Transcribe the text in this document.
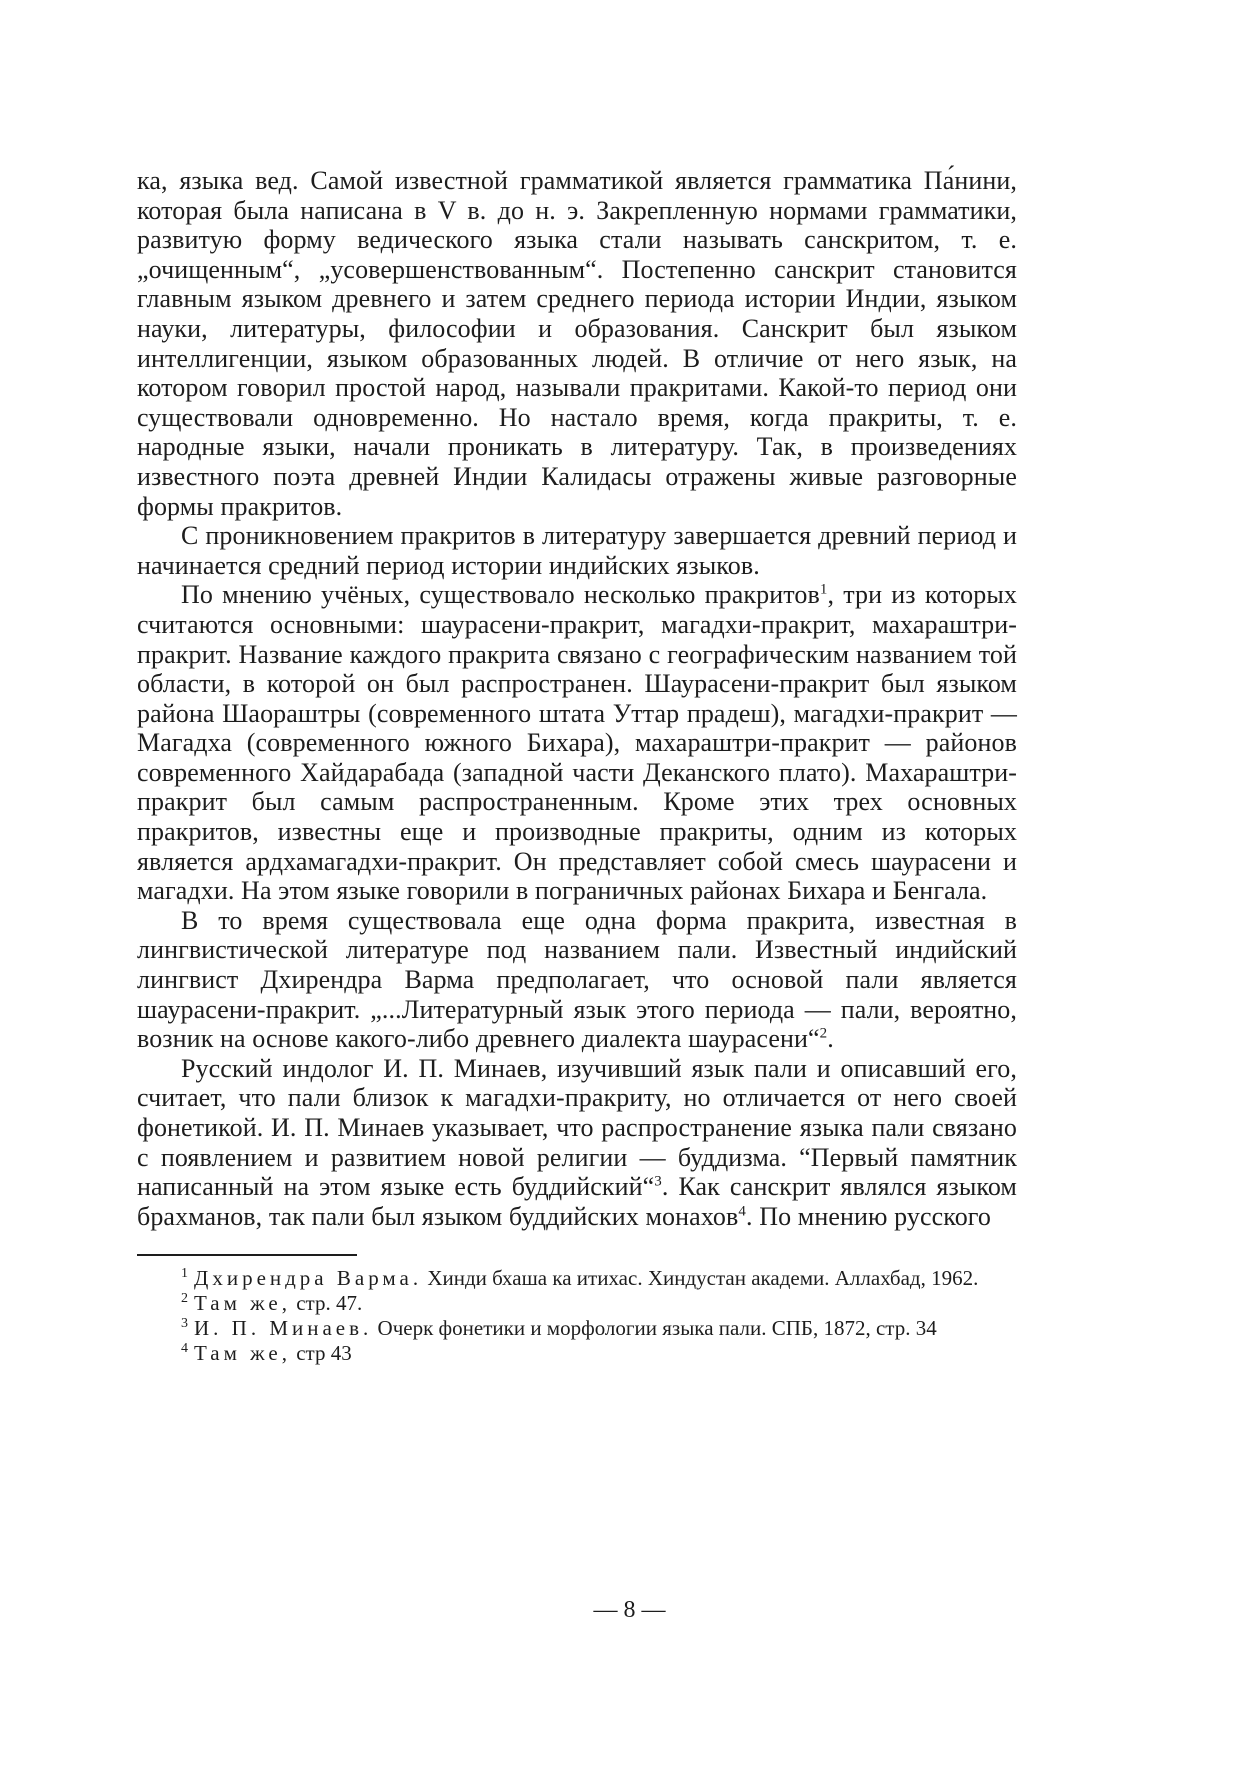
ка, языка вед. Самой известной грамматикой является грамматика Па́нини, которая была написана в V в. до н. э. Закрепленную нормами грамматики, развитую форму ведического языка стали называть санскритом, т. е. „очищенным“, „усовершенствованным“. Постепенно санскрит становится главным языком древнего и затем среднего периода истории Индии, языком науки, литературы, философии и образования. Санскрит был языком интеллигенции, языком образованных людей. В отличие от него язык, на котором говорил простой народ, называли пракритами. Какой-то период они существовали одновременно. Но настало время, когда пракриты, т. е. народные языки, начали проникать в литературу. Так, в произведениях известного поэта древней Индии Калидасы отражены живые разговорные формы пракритов.

С проникновением пракритов в литературу завершается древний период и начинается средний период истории индийских языков.

По мнению учёных, существовало несколько пракритов$^1$, три из которых считаются основными: шаурасени-пракрит, магадхи-пракрит, махараштри-пракрит. Название каждого пракрита связано с географическим названием той области, в которой он был распространен. Шаурасени-пракрит был языком района Шаораштры (современного штата Уттар прадеш), магадхи-пракрит — Магадха (современного южного Бихара), махараштри-пракрит — районов современного Хайдарабада (западной части Деканского плато). Махараштри-пракрит был самым распространенным. Кроме этих трех основных пракритов, известны еще и производные пракриты, одним из которых является ардхамагадхи-пракрит. Он представляет собой смесь шаурасени и магадхи. На этом языке говорили в пограничных районах Бихара и Бенгала.

В то время существовала еще одна форма пракрита, известная в лингвистической литературе под названием пали. Известный индийский лингвист Дхирендра Варма предполагает, что основой пали является шаурасени-пракрит. „...Литературный язык этого периода — пали, вероятно, возник на основе какого-либо древнего диалекта шаурасени“$^2$.

Русский индолог И. П. Минаев, изучивший язык пали и описавший его, считает, что пали близок к магадхи-пракриту, но отличается от него своей фонетикой. И. П. Минаев указывает, что распространение языка пали связано с появлением и развитием новой религии — буддизма. “Первый памятник написанный на этом языке есть буддийский“$^3$. Как санскрит являлся языком брахманов, так пали был языком буддийских монахов$^4$. По мнению русского

$^1$ Дхирендра Варма. Хинди бхаша ка итихас. Хиндустан академи. Аллахбад, 1962.

$^2$ Там же, стр. 47.

$^3$ И. П. Минаев. Очерк фонетики и морфологии языка пали. СПБ, 1872, стр. 34

$^4$ Там же, стр 43

— 8 —
